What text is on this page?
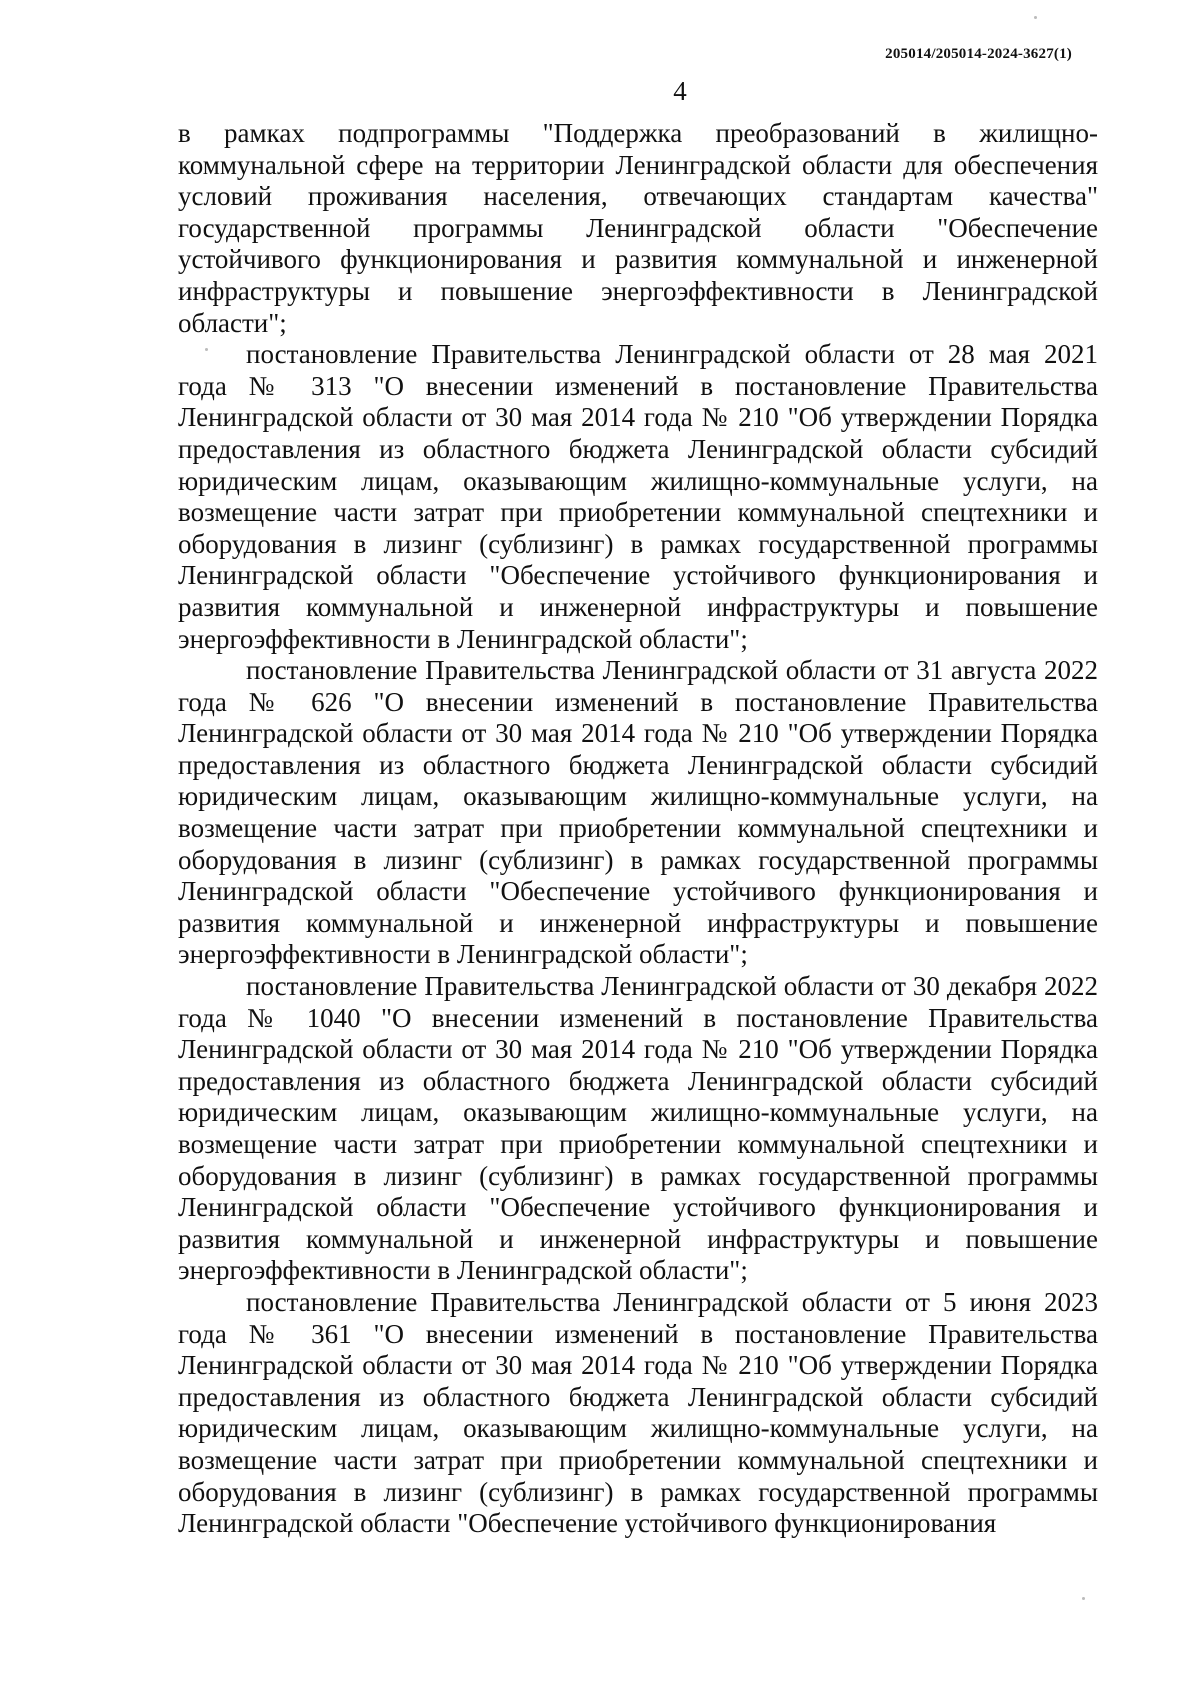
205014/205014-2024-3627(1)
4

в рамках подпрограммы "Поддержка преобразований в жилищно-коммунальной сфере на территории Ленинградской области для обеспечения условий проживания населения, отвечающих стандартам качества" государственной программы Ленинградской области "Обеспечение устойчивого функционирования и развития коммунальной и инженерной инфраструктуры и повышение энергоэффективности в Ленинградской области";

постановление Правительства Ленинградской области от 28 мая 2021 года № 313 "О внесении изменений в постановление Правительства Ленинградской области от 30 мая 2014 года № 210 "Об утверждении Порядка предоставления из областного бюджета Ленинградской области субсидий юридическим лицам, оказывающим жилищно-коммунальные услуги, на возмещение части затрат при приобретении коммунальной спецтехники и оборудования в лизинг (сублизинг) в рамках государственной программы Ленинградской области "Обеспечение устойчивого функционирования и развития коммунальной и инженерной инфраструктуры и повышение энергоэффективности в Ленинградской области";

постановление Правительства Ленинградской области от 31 августа 2022 года № 626 "О внесении изменений в постановление Правительства Ленинградской области от 30 мая 2014 года № 210 "Об утверждении Порядка предоставления из областного бюджета Ленинградской области субсидий юридическим лицам, оказывающим жилищно-коммунальные услуги, на возмещение части затрат при приобретении коммунальной спецтехники и оборудования в лизинг (сублизинг) в рамках государственной программы Ленинградской области "Обеспечение устойчивого функционирования и развития коммунальной и инженерной инфраструктуры и повышение энергоэффективности в Ленинградской области";

постановление Правительства Ленинградской области от 30 декабря 2022 года № 1040 "О внесении изменений в постановление Правительства Ленинградской области от 30 мая 2014 года № 210 "Об утверждении Порядка предоставления из областного бюджета Ленинградской области субсидий юридическим лицам, оказывающим жилищно-коммунальные услуги, на возмещение части затрат при приобретении коммунальной спецтехники и оборудования в лизинг (сублизинг) в рамках государственной программы Ленинградской области "Обеспечение устойчивого функционирования и развития коммунальной и инженерной инфраструктуры и повышение энергоэффективности в Ленинградской области";

постановление Правительства Ленинградской области от 5 июня 2023 года № 361 "О внесении изменений в постановление Правительства Ленинградской области от 30 мая 2014 года № 210 "Об утверждении Порядка предоставления из областного бюджета Ленинградской области субсидий юридическим лицам, оказывающим жилищно-коммунальные услуги, на возмещение части затрат при приобретении коммунальной спецтехники и оборудования в лизинг (сублизинг) в рамках государственной программы Ленинградской области "Обеспечение устойчивого функционирования
